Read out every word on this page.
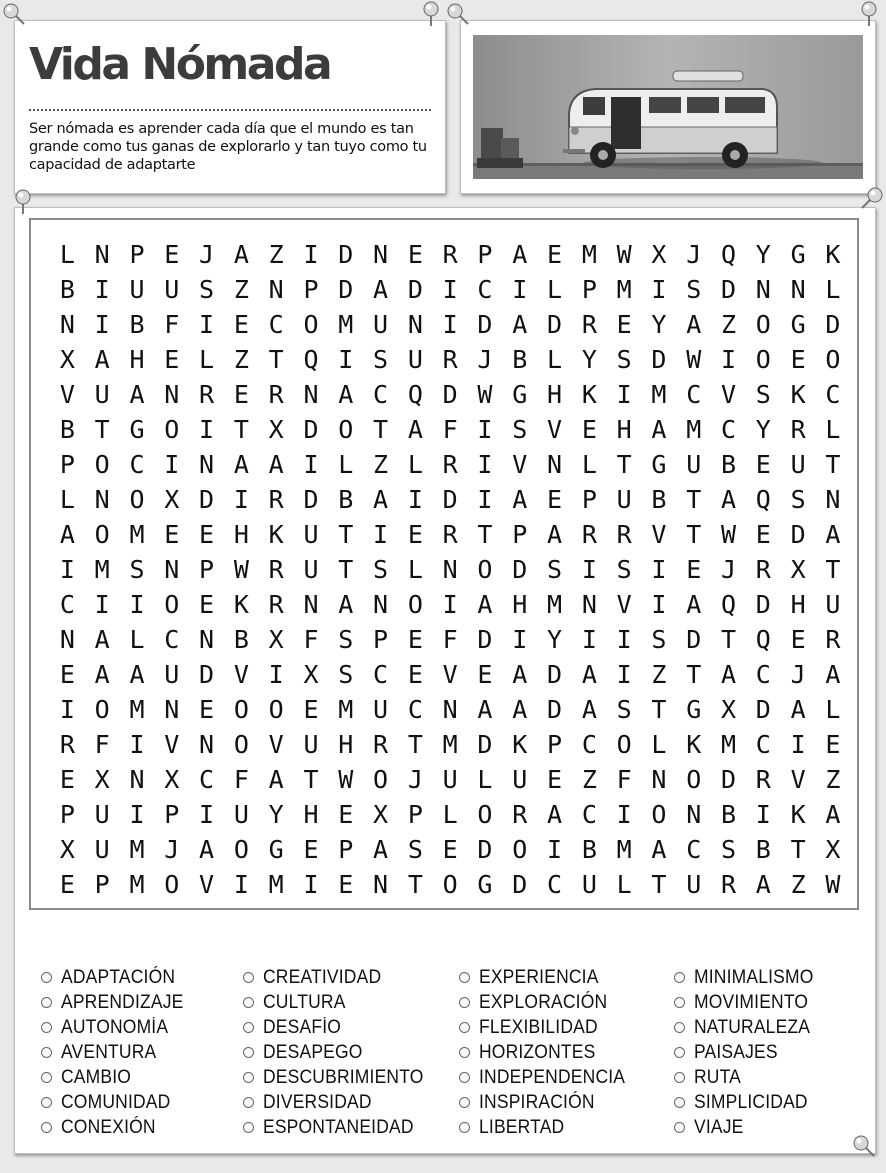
Vida Nómada

Ser nómada es aprender cada día que el mundo es tan grande como tus ganas de explorarlo y tan tuyo como tu capacidad de adaptarte

L N P E J A Z I D N E R P A E M W X J Q Y G K
B I U U S Z N P D A D I C I L P M I S D N N L
N I B F I E C O M U N I D A D R E Y A Z O G D
X A H E L Z T Q I S U R J B L Y S D W I O E O
V U A N R E R N A C Q D W G H K I M C V S K C
B T G O I T X D O T A F I S V E H A M C Y R L
P O C I N A A I L Z L R I V N L T G U B E U T
L N O X D I R D B A I D I A E P U B T A Q S N
A O M E E H K U T I E R T P A R R V T W E D A
I M S N P W R U T S L N O D S I S I E J R X T
C I I O E K R N A N O I A H M N V I A Q D H U
N A L C N B X F S P E F D I Y I I S D T Q E R
E A A U D V I X S C E V E A D A I Z T A C J A
I O M N E O O E M U C N A A D A S T G X D A L
R F I V N O V U H R T M D K P C O L K M C I E
E X N X C F A T W O J U L U E Z F N O D R V Z
P U I P I U Y H E X P L O R A C I O N B I K A
X U M J A O G E P A S E D O I B M A C S B T X
E P M O V I M I E N T O G D C U L T U R A Z W
ADAPTACIÓN
APRENDIZAJE
AUTONOMÍA
AVENTURA
CAMBIO
COMUNIDAD
CONEXIÓN
CREATIVIDAD
CULTURA
DESAFÍO
DESAPEGO
DESCUBRIMIENTO
DIVERSIDAD
ESPONTANEIDAD
EXPERIENCIA
EXPLORACIÓN
FLEXIBILIDAD
HORIZONTES
INDEPENDENCIA
INSPIRACIÓN
LIBERTAD
MINIMALISMO
MOVIMIENTO
NATURALEZA
PAISAJES
RUTA
SIMPLICIDAD
VIAJE
